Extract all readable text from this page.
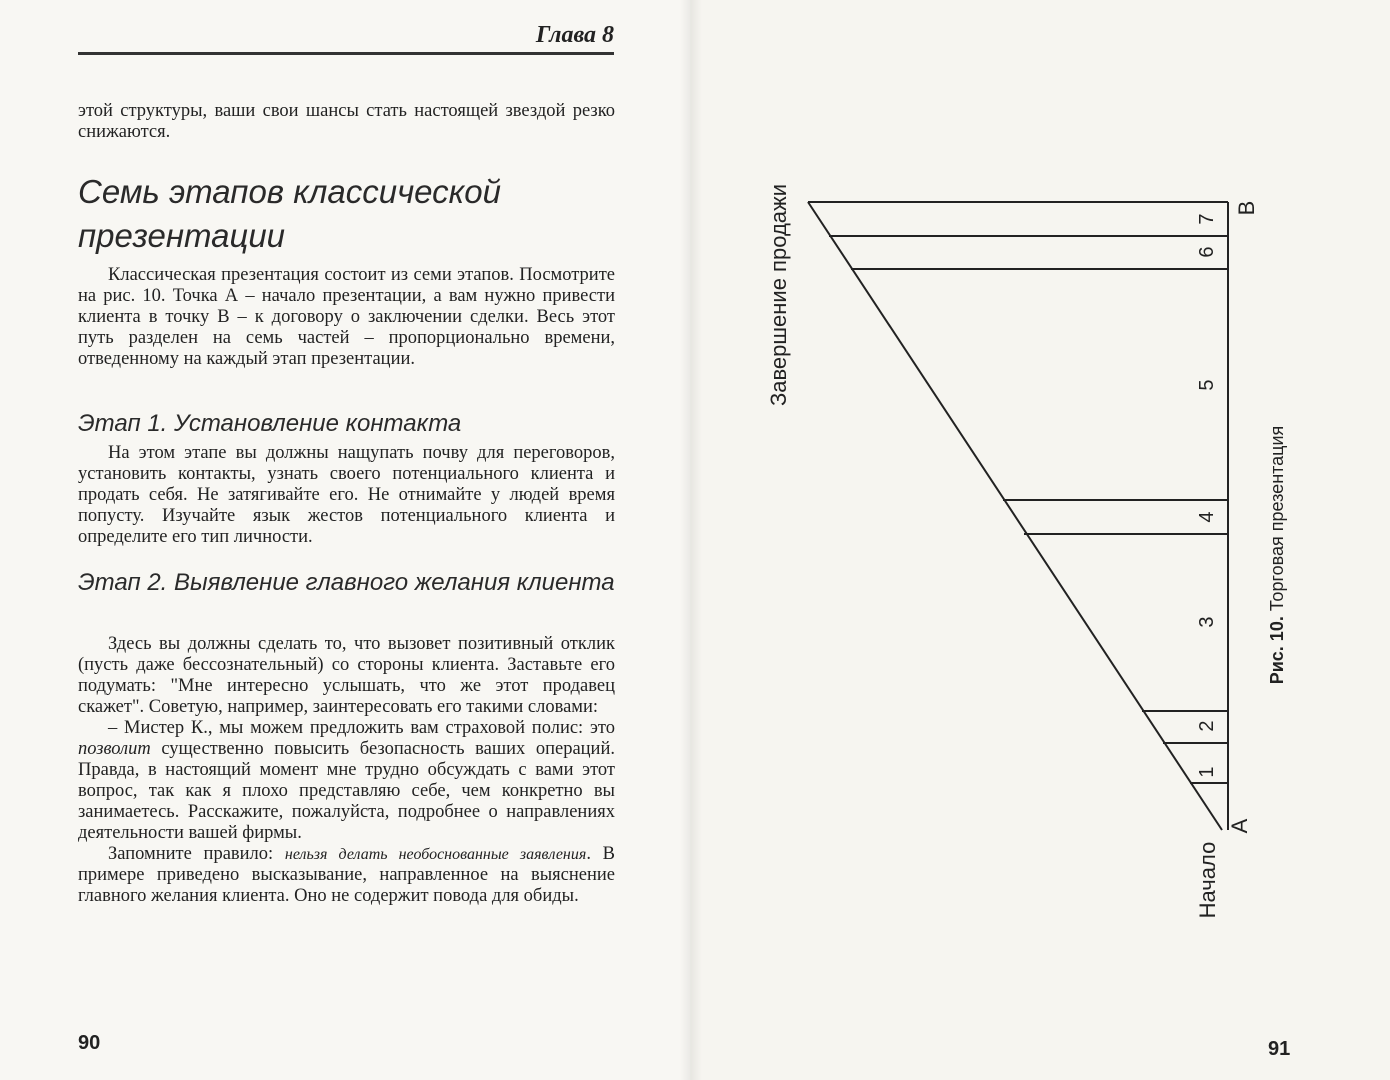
Глава 8

этой структуры, ваши свои шансы стать настоящей звездой резко снижаются.

Семь этапов классической презентации

Классическая презентация состоит из семи этапов. Посмотрите на рис. 10. Точка А – начало презентации, а вам нужно привести клиента в точку В – к договору о заключении сделки. Весь этот путь разделен на семь частей – пропорционально времени, отведенному на каждый этап презентации.

Этап 1. Установление контакта

На этом этапе вы должны нащупать почву для переговоров, установить контакты, узнать своего потенциального клиента и продать себя. Не затягивайте его. Не отнимайте у людей время попусту. Изучайте язык жестов потенциального клиента и определите его тип личности.

Этап 2. Выявление главного желания клиента

Здесь вы должны сделать то, что вызовет позитивный отклик (пусть даже бессознательный) со стороны клиента. Заставьте его подумать: "Мне интересно услышать, что же этот продавец скажет". Советую, например, заинтересовать его такими словами:

– Мистер К., мы можем предложить вам страховой полис: это позволит существенно повысить безопасность ваших операций. Правда, в настоящий момент мне трудно обсуждать с вами этот вопрос, так как я плохо представляю себе, чем конкретно вы занимаетесь. Расскажите, пожалуйста, подробнее о направлениях деятельности вашей фирмы.

Запомните правило: нельзя делать необоснованные заявления. В примере приведено высказывание, направленное на выяснение главного желания клиента. Оно не содержит повода для обиды.

90
1
2
3
4
5
6
7
В
А
Завершение продажи
Начало
Рис. 10. Торговая презентация
91
